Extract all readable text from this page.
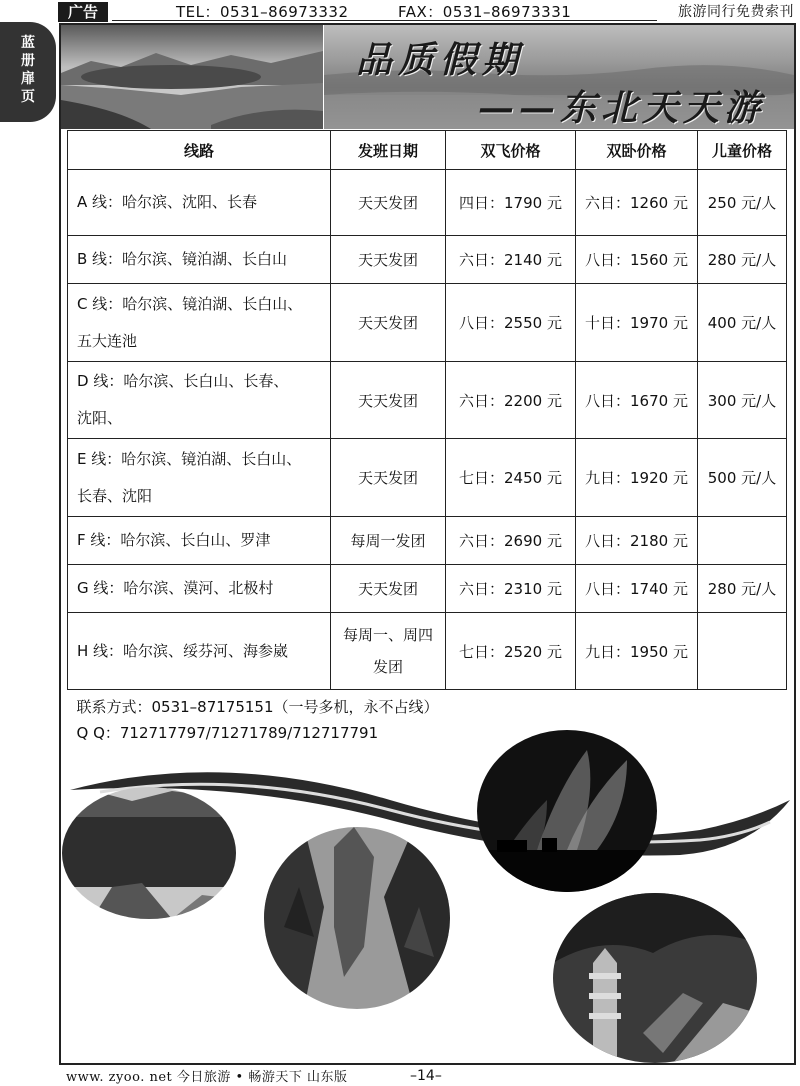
广告	TEL：0531–86973332	FAX：0531–86973331	旅游同行免费索刊
蓝册扉页
品质假期
——东北天天游
线路	发班日期	双飞价格	双卧价格	儿童价格

A 线：哈尔滨、沈阳、长春	天天发团	四日：1790 元	六日：1260 元	250 元/人

B 线：哈尔滨、镜泊湖、长白山	天天发团	六日：2140 元	八日：1560 元	280 元/人

C 线：哈尔滨、镜泊湖、长白山、
五大连池	天天发团	八日：2550 元	十日：1970 元	400 元/人

D 线：哈尔滨、长白山、长春、
沈阳、	天天发团	六日：2200 元	八日：1670 元	300 元/人

E 线：哈尔滨、镜泊湖、长白山、
长春、沈阳	天天发团	七日：2450 元	九日：1920 元	500 元/人

F 线：哈尔滨、长白山、罗津	每周一发团	六日：2690 元	八日：2180 元	

G 线：哈尔滨、漠河、北极村	天天发团	六日：2310 元	八日：1740 元	280 元/人

H 线：哈尔滨、绥芬河、海参崴	每周一、周四
发团	七日：2520 元	九日：1950 元	

联系方式：0531–87175151（一号多机，永不占线）
Q Q：712717797/71271789/712717791				
www. zyoo. net 今日旅游 • 畅游天下 山东版	–14–
